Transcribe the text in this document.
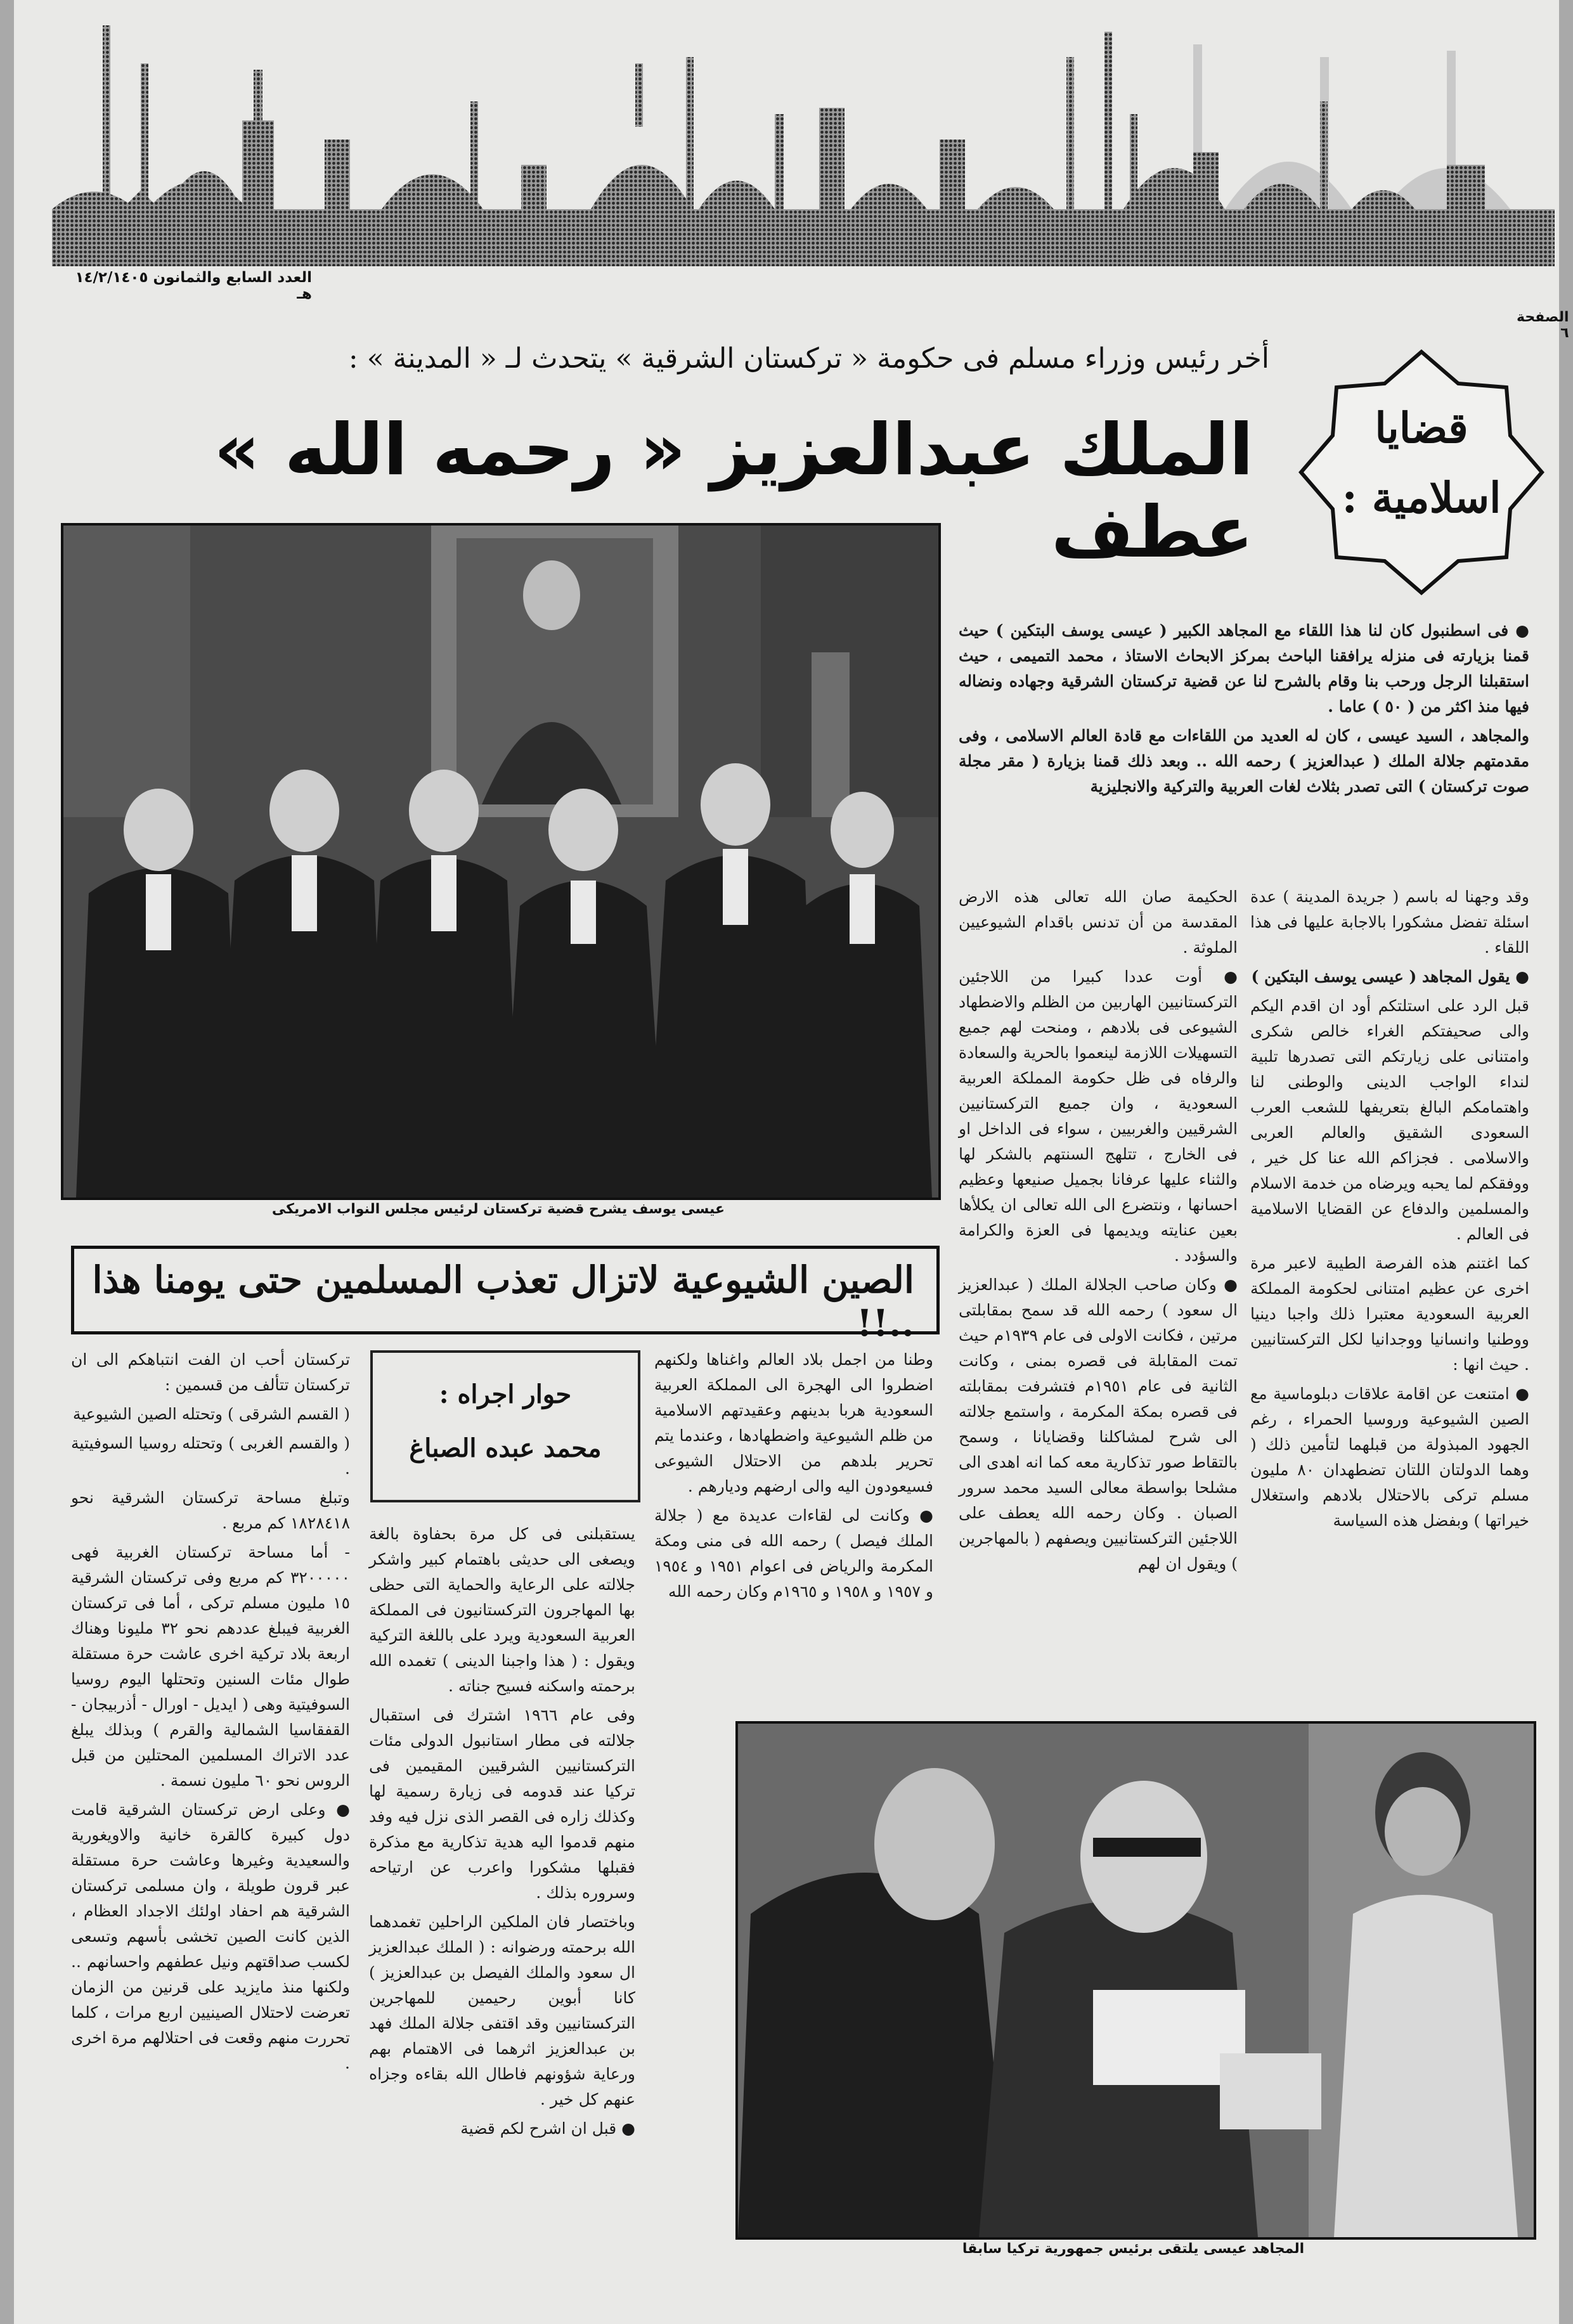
العدد السابع والثمانون ١٤/٢/١٤٠٥ هـ
الصفحة ٦
قضايا
اسلامية :
أخر رئيس وزراء مسلم فى حكومة « تركستان الشرقية » يتحدث لـ « المدينة » :
الملك عبدالعزيز « رحمه الله » عطف
عيسى يوسف يشرح قضية تركستان لرئيس مجلس النواب الامريكى

● فى اسطنبول كان لنا هذا اللقاء مع المجاهد الكبير ( عيسى يوسف البتكين ) حيث قمنا بزيارته فى منزله يرافقنا الباحث بمركز الابحاث الاستاذ ، محمد التميمى ، حيث استقبلنا الرجل ورحب بنا وقام بالشرح لنا عن قضية تركستان الشرقية وجهاده ونضاله فيها منذ اكثر من ( ٥٠ ) عاما .

والمجاهد ، السيد عيسى ، كان له العديد من اللقاءات مع قادة العالم الاسلامى ، وفى مقدمتهم جلالة الملك ( عبدالعزيز ) رحمه الله .. وبعد ذلك قمنا بزيارة ( مقر مجلة صوت تركستان ) التى تصدر بثلاث لغات العربية والتركية والانجليزية

وقد وجهنا له باسم ( جريدة المدينة ) عدة اسئلة تفضل مشكورا بالاجابة عليها فى هذا اللقاء .

● يقول المجاهد ( عيسى يوسف البتكين )

قبل الرد على استلتكم أود ان اقدم اليكم والى صحيفتكم الغراء خالص شكرى وامتنانى على زيارتكم التى تصدرها تلبية لنداء الواجب الدينى والوطنى لنا واهتمامكم البالغ بتعريفها للشعب العرب السعودى الشقيق والعالم العربى والاسلامى . فجزاكم الله عنا كل خير ، ووفقكم لما يحبه ويرضاه من خدمة الاسلام والمسلمين والدفاع عن القضايا الاسلامية فى العالم .

كما اغتنم هذه الفرصة الطيبة لاعبر مرة اخرى عن عظيم امتنانى لحكومة المملكة العربية السعودية معتبرا ذلك واجبا دينيا ووطنيا وانسانيا ووجدانيا لكل التركستانيين . حيث انها :

● امتنعت عن اقامة علاقات دبلوماسية مع الصين الشيوعية وروسيا الحمراء ، رغم الجهود المبذولة من قبلهما لتأمين ذلك ( وهما الدولتان اللتان تضطهدان ٨٠ مليون مسلم تركى بالاحتلال بلادهم واستغلال خيراتها ) وبفضل هذه السياسة

الحكيمة صان الله تعالى هذه الارض المقدسة من أن تدنس باقدام الشيوعيين الملوثة .

● أوت عددا كبيرا من اللاجئين التركستانيين الهاربين من الظلم والاضطهاد الشيوعى فى بلادهم ، ومنحت لهم جميع التسهيلات اللازمة لينعموا بالحرية والسعادة والرفاه فى ظل حكومة المملكة العربية السعودية ، وان جميع التركستانيين الشرقيين والغربيين ، سواء فى الداخل او فى الخارج ، تتلهج السنتهم بالشكر لها والثناء عليها عرفانا بجميل صنيعها وعظيم احسانها ، ونتضرع الى الله تعالى ان يكلأها بعين عنايته ويديمها فى العزة والكرامة والسؤدد .

● وكان صاحب الجلالة الملك ( عبدالعزيز ال سعود ) رحمه الله قد سمح بمقابلتى مرتين ، فكانت الاولى فى عام ١٩٣٩م حيث تمت المقابلة فى قصره بمنى ، وكانت الثانية فى عام ١٩٥١م فتشرفت بمقابلته فى قصره بمكة المكرمة ، واستمع جلالته الى شرح لمشاكلنا وقضايانا ، وسمح بالتقاط صور تذكارية معه كما انه اهدى الى مشلحا بواسطة معالى السيد محمد سرور الصبان . وكان رحمه الله يعطف على اللاجئين التركستانيين ويصفهم ( بالمهاجرين ) ويقول ان لهم

الصين الشيوعية لاتزال تعذب المسلمين حتى يومنا هذا ..!!

وطنا من اجمل بلاد العالم واغناها ولكنهم اضطروا الى الهجرة الى المملكة العربية السعودية هربا بدينهم وعقيدتهم الاسلامية من ظلم الشيوعية واضطهادها ، وعندما يتم تحرير بلدهم من الاحتلال الشيوعى فسيعودون اليه والى ارضهم وديارهم .

● وكانت لى لقاءات عديدة مع ( جلالة الملك فيصل ) رحمه الله فى منى ومكة المكرمة والرياض فى اعوام ١٩٥١ و ١٩٥٤ و ١٩٥٧ و ١٩٥٨ و ١٩٦٥م وكان رحمه الله

حوار اجراه :
محمد عبده الصباغ

يستقبلنى فى كل مرة بحفاوة بالغة ويصغى الى حديثى باهتمام كبير واشكر جلالته على الرعاية والحماية التى حظى بها المهاجرون التركستانيون فى المملكة العربية السعودية ويرد على باللغة التركية ويقول : ( هذا واجبنا الدينى ) تغمده الله برحمته واسكنه فسيح جناته .

وفى عام ١٩٦٦ اشترك فى استقبال جلالته فى مطار استانبول الدولى مئات التركستانيين الشرقيين المقيمين فى تركيا عند قدومه فى زيارة رسمية لها وكذلك زاره فى القصر الذى نزل فيه وفد منهم قدموا اليه هدية تذكارية مع مذكرة فقبلها مشكورا واعرب عن ارتياحه وسروره بذلك .

وباختصار فان الملكين الراحلين تغمدهما الله برحمته ورضوانه : ( الملك عبدالعزيز ال سعود والملك الفيصل بن عبدالعزيز ) كانا أبوين رحيمين للمهاجرين التركستانيين وقد اقتفى جلالة الملك فهد بن عبدالعزيز اثرهما فى الاهتمام بهم ورعاية شؤونهم فاطال الله بقاءه وجزاه عنهم كل خير .

● قبل ان اشرح لكم قضية

تركستان أحب ان الفت انتباهكم الى ان تركستان تتألف من قسمين :

( القسم الشرقى ) وتحتله الصين الشيوعية

( والقسم الغربى ) وتحتله روسيا السوفيتية .

وتبلغ مساحة تركستان الشرقية نحو ١٨٢٨٤١٨ كم مربع .

- أما مساحة تركستان الغربية فهى ٣٢٠٠٠٠٠ كم مربع وفى تركستان الشرقية ١٥ مليون مسلم تركى ، أما فى تركستان الغربية فيبلغ عددهم نحو ٣٢ مليونا وهناك اربعة بلاد تركية اخرى عاشت حرة مستقلة طوال مئات السنين وتحتلها اليوم روسيا السوفيتية وهى ( ايديل - اورال - أذربيجان - القفقاسيا الشمالية والقرم ) وبذلك يبلغ عدد الاتراك المسلمين المحتلين من قبل الروس نحو ٦٠ مليون نسمة .

● وعلى ارض تركستان الشرقية قامت دول كبيرة كالقرة خانية والاويغورية والسعيدية وغيرها وعاشت حرة مستقلة عبر قرون طويلة ، وان مسلمى تركستان الشرقية هم احفاد اولئك الاجداد العظام ، الذين كانت الصين تخشى بأسهم وتسعى لكسب صداقتهم ونيل عطفهم واحسانهم .. ولكنها منذ مايزيد على قرنين من الزمان تعرضت لاحتلال الصينيين اربع مرات ، كلما تحررت منهم وقعت فى احتلالهم مرة اخرى .

المجاهد عيسى يلتقى برئيس جمهورية تركيا سابقا
